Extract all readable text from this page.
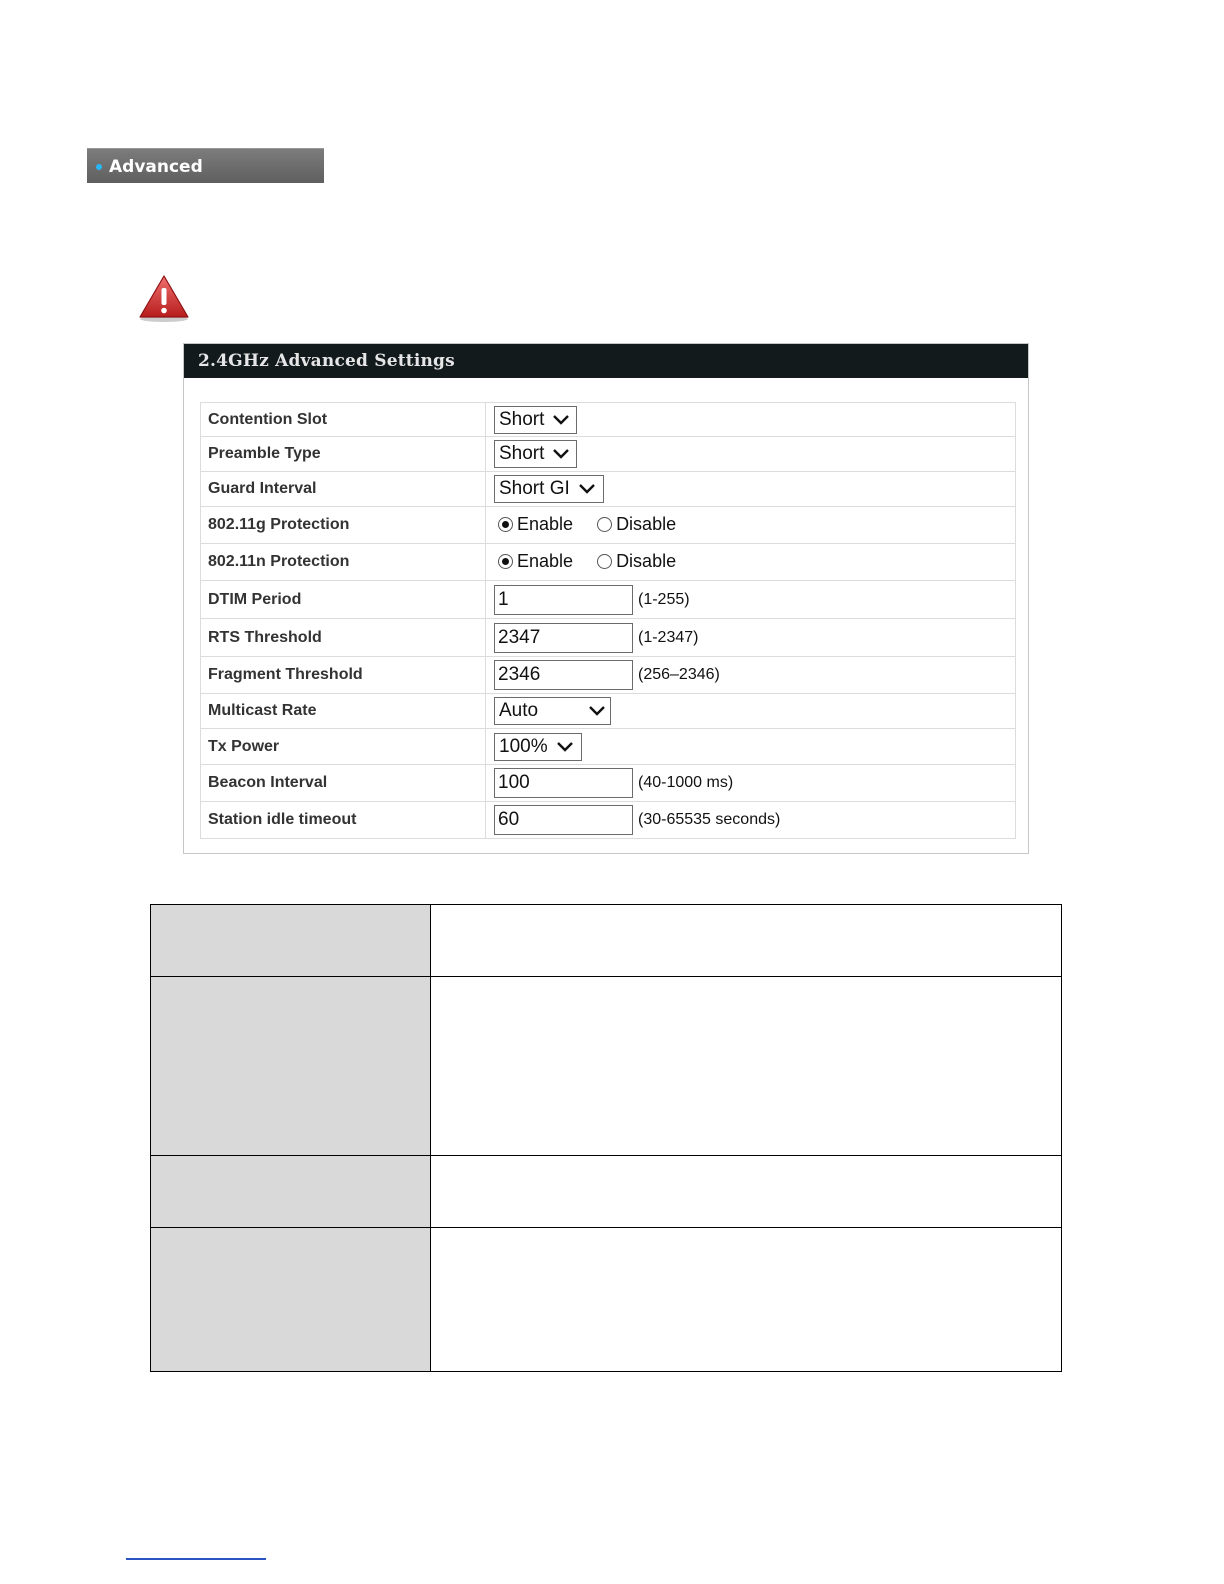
Advanced
2.4GHz Advanced Settings
Contention Slot	Short

Preamble Type	Short

Guard Interval	Short GI

802.11g Protection	Enable Disable

802.11n Protection	Enable Disable

DTIM Period	1 (1-255)
RTS Threshold	2347 (1-2347)
Fragment Threshold	2346 (256–2346)
Multicast Rate	Auto

Tx Power	100%

Beacon Interval	100 (40-1000 ms)
Station idle timeout	60 (30-65535 seconds)
